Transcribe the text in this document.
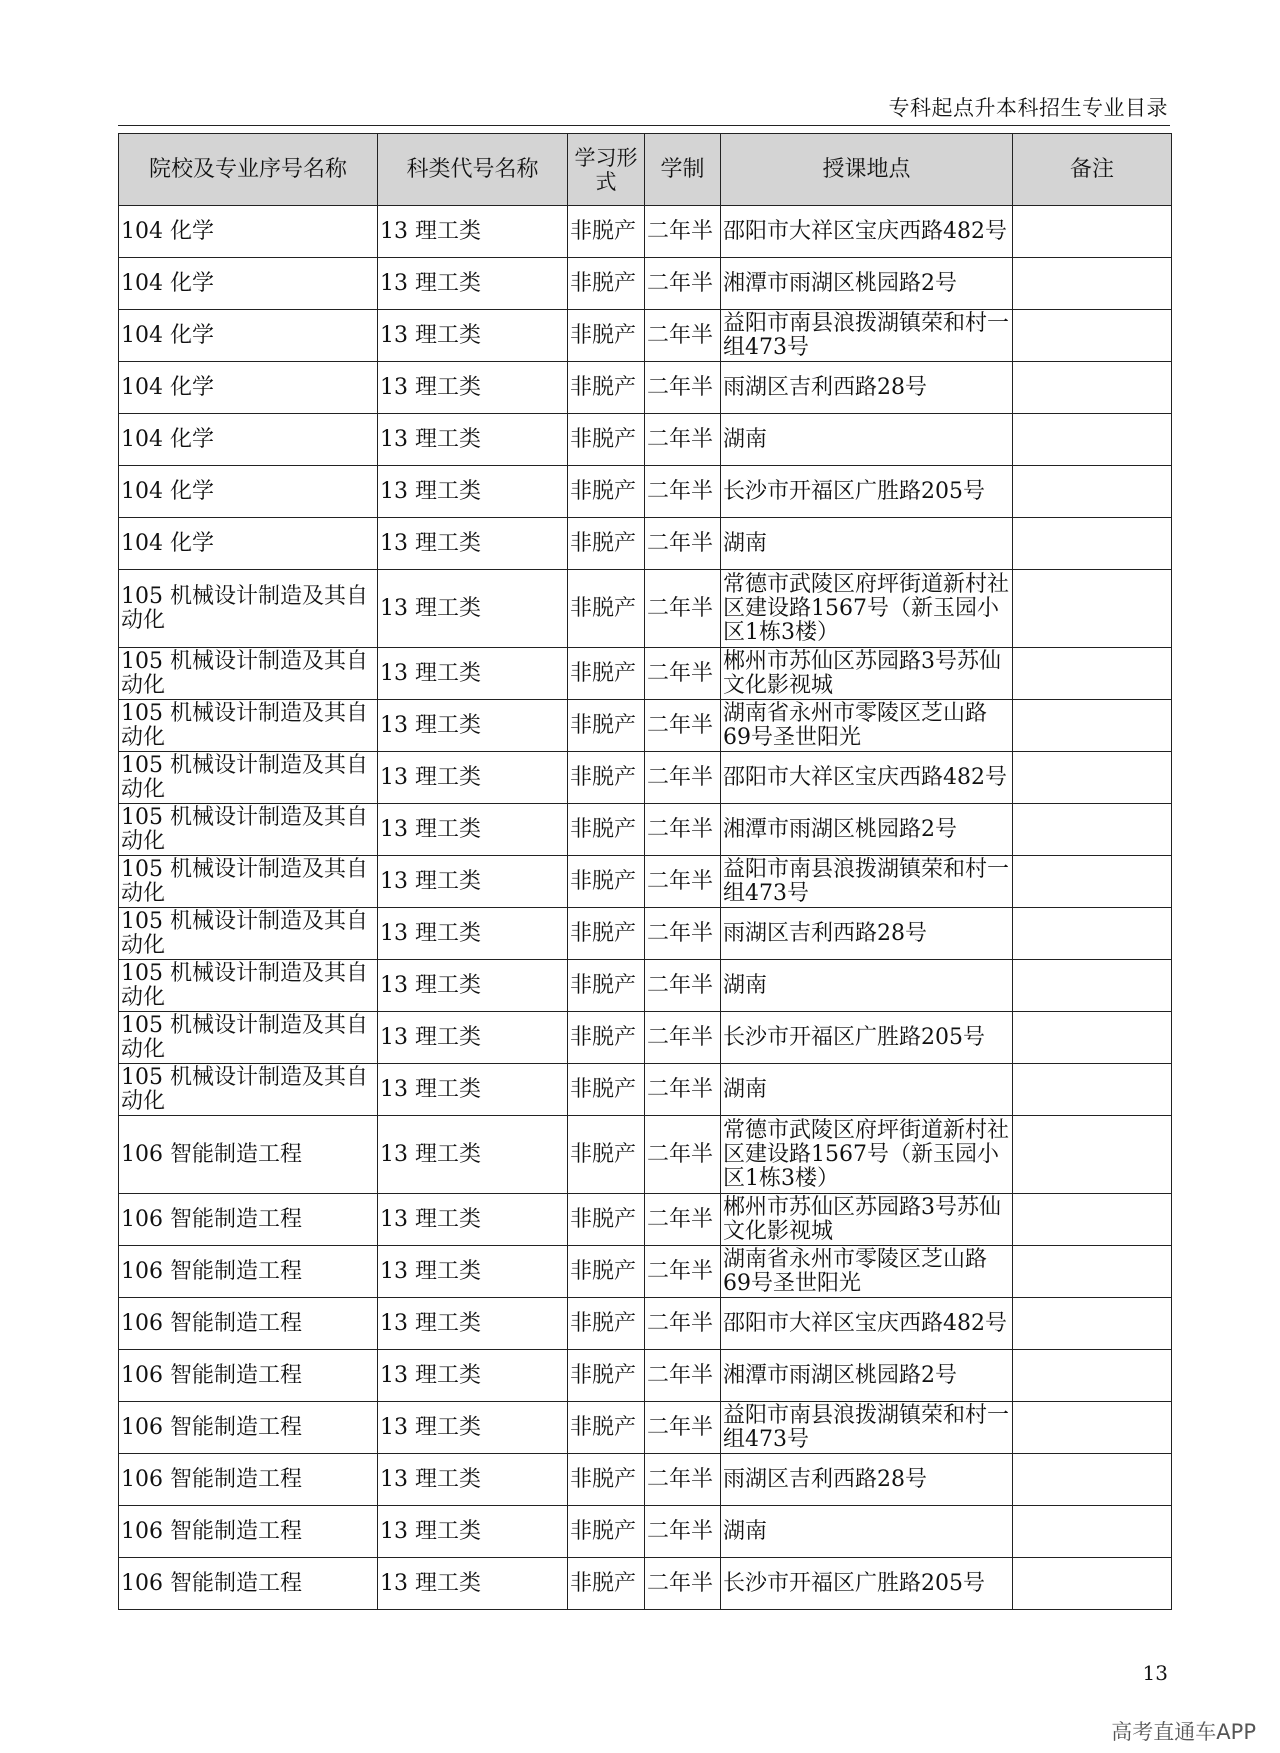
专科起点升本科招生专业目录
院校及专业序号名称	科类代号名称	学习形式	学制	授课地点	备注
104 化学	13 理工类	非脱产	二年半	邵阳市大祥区宝庆西路482号	
104 化学	13 理工类	非脱产	二年半	湘潭市雨湖区桃园路2号	
104 化学	13 理工类	非脱产	二年半	益阳市南县浪拨湖镇荣和村一组473号	
104 化学	13 理工类	非脱产	二年半	雨湖区吉利西路28号	
104 化学	13 理工类	非脱产	二年半	湖南	
104 化学	13 理工类	非脱产	二年半	长沙市开福区广胜路205号	
104 化学	13 理工类	非脱产	二年半	湖南	
105 机械设计制造及其自动化	13 理工类	非脱产	二年半	常德市武陵区府坪街道新村社区建设路1567号（新玉园小区1栋3楼）	
105 机械设计制造及其自动化	13 理工类	非脱产	二年半	郴州市苏仙区苏园路3号苏仙文化影视城	
105 机械设计制造及其自动化	13 理工类	非脱产	二年半	湖南省永州市零陵区芝山路69号圣世阳光	
105 机械设计制造及其自动化	13 理工类	非脱产	二年半	邵阳市大祥区宝庆西路482号	
105 机械设计制造及其自动化	13 理工类	非脱产	二年半	湘潭市雨湖区桃园路2号	
105 机械设计制造及其自动化	13 理工类	非脱产	二年半	益阳市南县浪拨湖镇荣和村一组473号	
105 机械设计制造及其自动化	13 理工类	非脱产	二年半	雨湖区吉利西路28号	
105 机械设计制造及其自动化	13 理工类	非脱产	二年半	湖南	
105 机械设计制造及其自动化	13 理工类	非脱产	二年半	长沙市开福区广胜路205号	
105 机械设计制造及其自动化	13 理工类	非脱产	二年半	湖南	
106 智能制造工程	13 理工类	非脱产	二年半	常德市武陵区府坪街道新村社区建设路1567号（新玉园小区1栋3楼）	
106 智能制造工程	13 理工类	非脱产	二年半	郴州市苏仙区苏园路3号苏仙文化影视城	
106 智能制造工程	13 理工类	非脱产	二年半	湖南省永州市零陵区芝山路69号圣世阳光	
106 智能制造工程	13 理工类	非脱产	二年半	邵阳市大祥区宝庆西路482号	
106 智能制造工程	13 理工类	非脱产	二年半	湘潭市雨湖区桃园路2号	
106 智能制造工程	13 理工类	非脱产	二年半	益阳市南县浪拨湖镇荣和村一组473号	
106 智能制造工程	13 理工类	非脱产	二年半	雨湖区吉利西路28号	
106 智能制造工程	13 理工类	非脱产	二年半	湖南	
106 智能制造工程	13 理工类	非脱产	二年半	长沙市开福区广胜路205号	
13
高考直通车APP
